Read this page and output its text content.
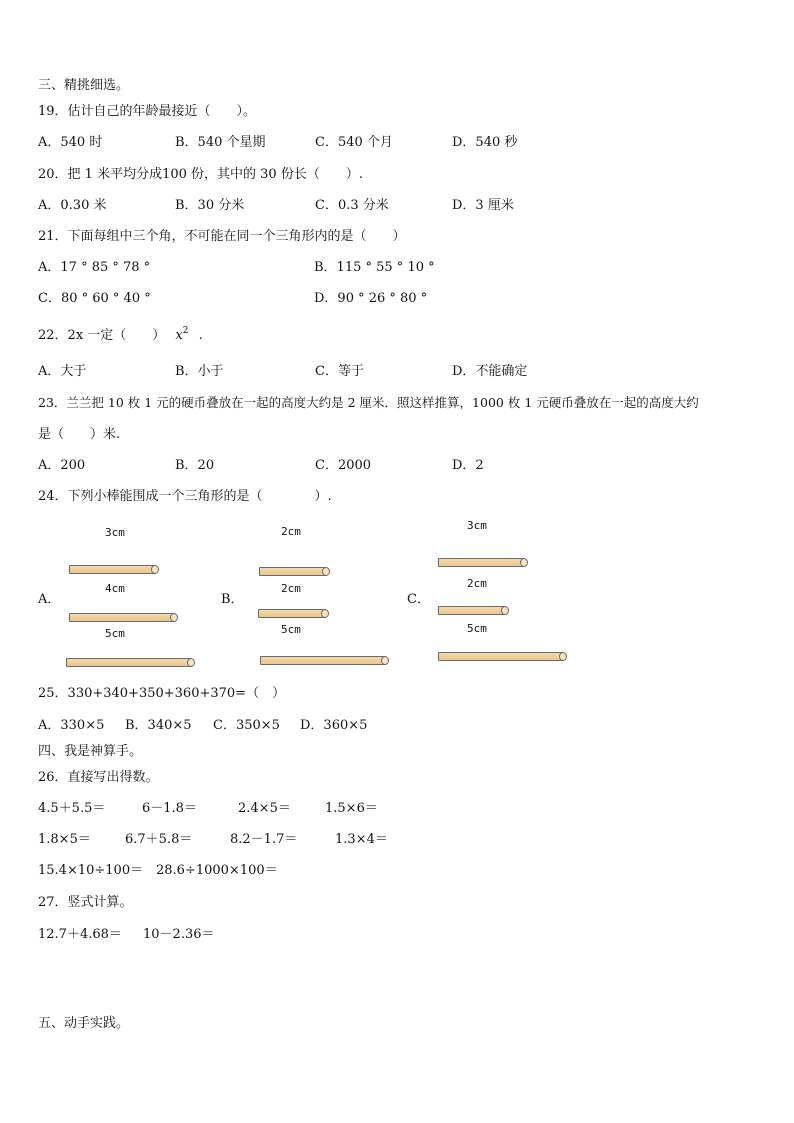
三、精挑细选。
19．估计自己的年龄最接近（　　）。
A．540 时	B．540 个星期	C．540 个月	D．540 秒
20．把 1 米平均分成100 份，其中的 30 份长（　　）.
A．0.30 米	B．30 分米	C．0.3 分米	D．3 厘米
21．下面每组中三个角，不可能在同一个三角形内的是（　　）
A．17 ° 85 ° 78 °	B．115 ° 55 ° 10 °
C．80 ° 60 ° 40 °	D．90 ° 26 ° 80 °
22．2x 一定（　　） $x^2$ .
A．大于	B．小于	C．等于	D．不能确定
23．兰兰把 10 枚 1 元的硬币叠放在一起的高度大约是 2 厘米．照这样推算，1000 枚 1 元硬币叠放在一起的高度大约
是（　　）米.
A．200	B．20	C．2000	D．2
24．下列小棒能围成一个三角形的是（　　　　）.
A．
3cm
4cm
5cm
B．
2cm
2cm
5cm
C．
3cm
2cm
5cm
25．330+340+350+360+370=（　）
A．330×5 B．340×5 C．350×5 D．360×5
四、我是神算手。
26．直接写出得数。
4.5＋5.5＝	6－1.8＝	2.4×5＝	1.5×6＝
1.8×5＝	6.7＋5.8＝	8.2－1.7＝	1.3×4＝
15.4×10÷100＝ 28.6÷1000×100＝
27．竖式计算。
12.7＋4.68＝ 10－2.36＝
五、动手实践。
